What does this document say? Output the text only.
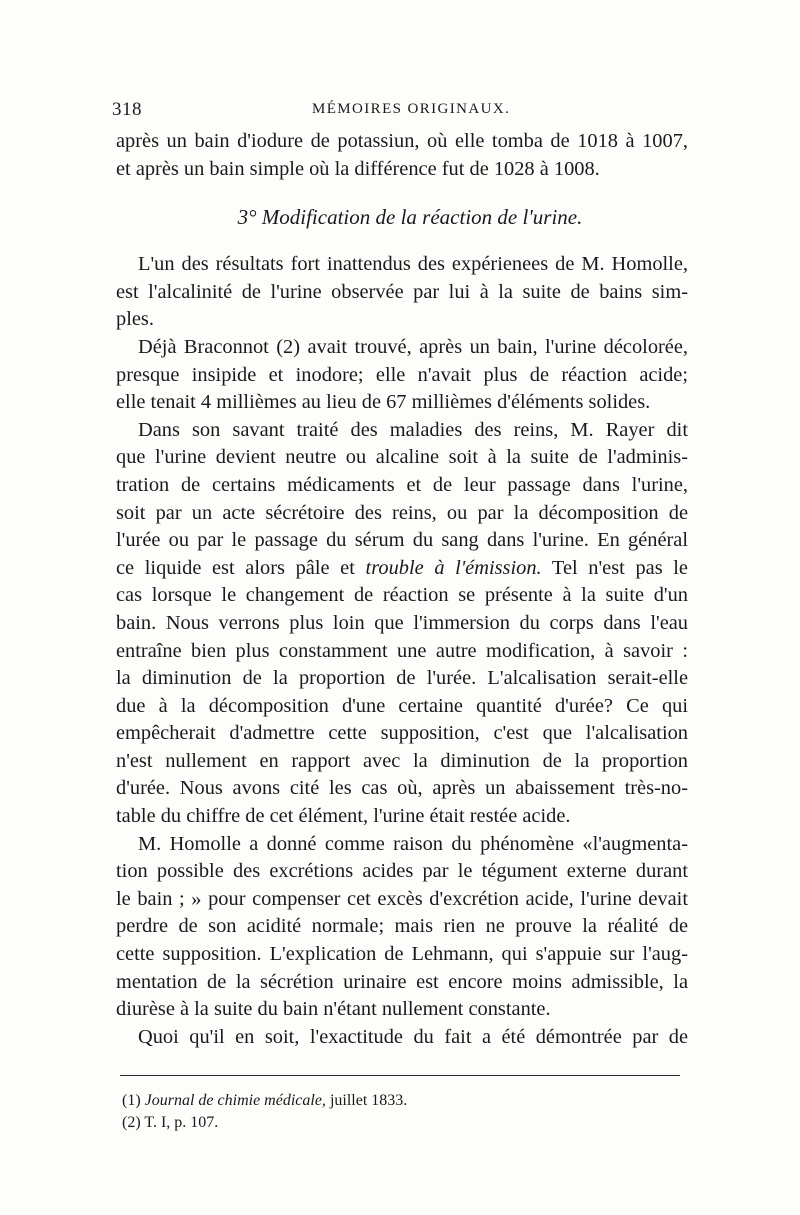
318	MÉMOIRES ORIGINAUX.
après un bain d'iodure de potassiun, où elle tomba de 1018 à 1007,
et après un bain simple où la différence fut de 1028 à 1008.
3° Modification de la réaction de l'urine.
L'un des résultats fort inattendus des expérienees de M. Homolle,
est l'alcalinité de l'urine observée par lui à la suite de bains sim-
ples.
Déjà Braconnot (2) avait trouvé, après un bain, l'urine décolorée,
presque insipide et inodore; elle n'avait plus de réaction acide;
elle tenait 4 millièmes au lieu de 67 millièmes d'éléments solides.
Dans son savant traité des maladies des reins, M. Rayer dit
que l'urine devient neutre ou alcaline soit à la suite de l'adminis-
tration de certains médicaments et de leur passage dans l'urine,
soit par un acte sécrétoire des reins, ou par la décomposition de
l'urée ou par le passage du sérum du sang dans l'urine. En général
ce liquide est alors pâle et trouble à l'émission. Tel n'est pas le
cas lorsque le changement de réaction se présente à la suite d'un
bain. Nous verrons plus loin que l'immersion du corps dans l'eau
entraîne bien plus constamment une autre modification, à savoir :
la diminution de la proportion de l'urée. L'alcalisation serait-elle
due à la décomposition d'une certaine quantité d'urée? Ce qui
empêcherait d'admettre cette supposition, c'est que l'alcalisation
n'est nullement en rapport avec la diminution de la proportion
d'urée. Nous avons cité les cas où, après un abaissement très-no-
table du chiffre de cet élément, l'urine était restée acide.
M. Homolle a donné comme raison du phénomène «l'augmenta-
tion possible des excrétions acides par le tégument externe durant
le bain ; » pour compenser cet excès d'excrétion acide, l'urine devait
perdre de son acidité normale; mais rien ne prouve la réalité de
cette supposition. L'explication de Lehmann, qui s'appuie sur l'aug-
mentation de la sécrétion urinaire est encore moins admissible, la
diurèse à la suite du bain n'étant nullement constante.
Quoi qu'il en soit, l'exactitude du fait a été démontrée par de
(1) Journal de chimie médicale, juillet 1833.
(2) T. I, p. 107.
